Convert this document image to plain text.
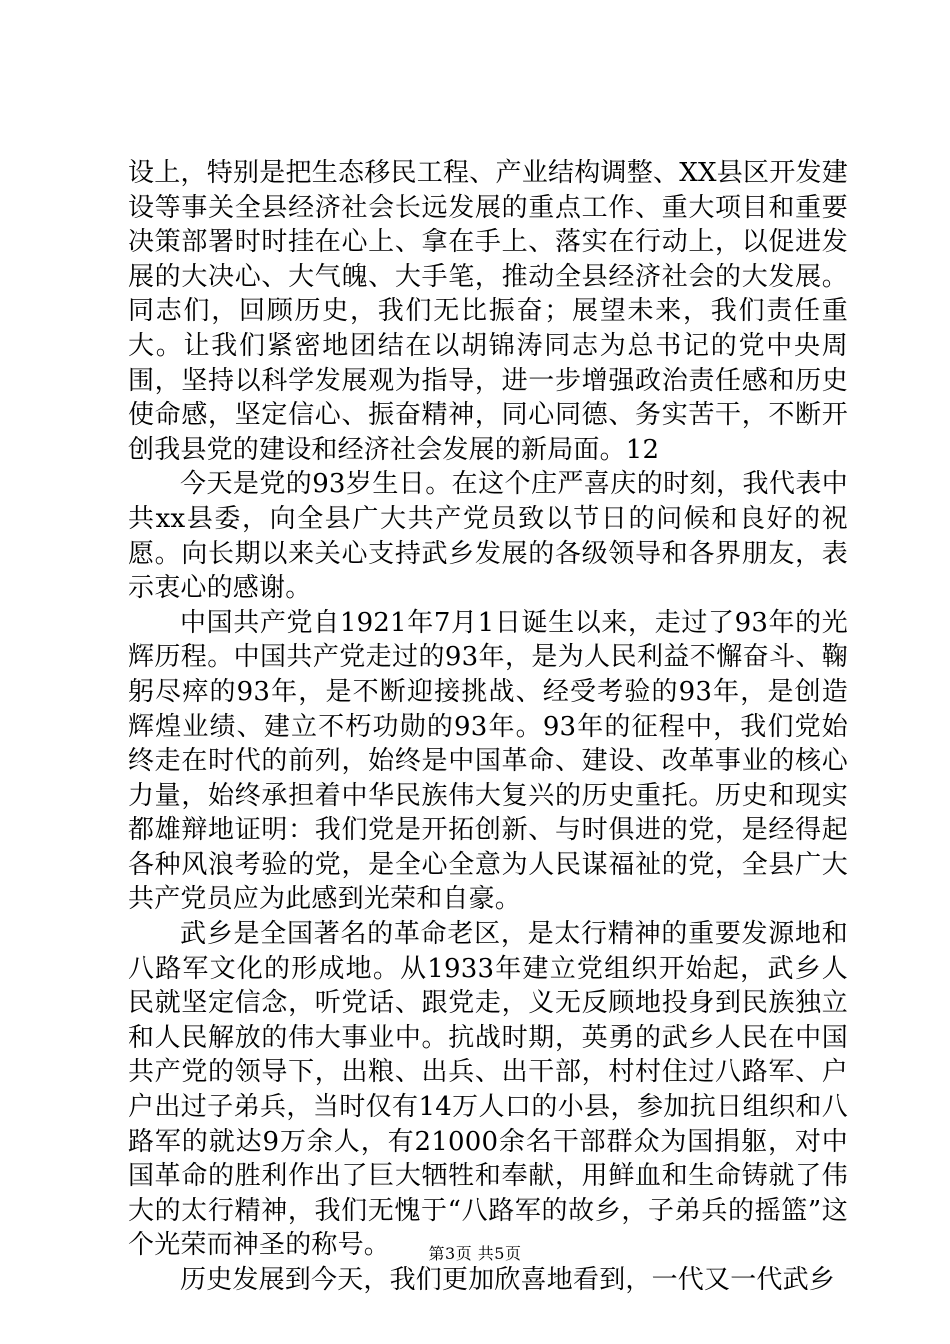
设上，特别是把生态移民工程、产业结构调整、XX县区开发建设等事关全县经济社会长远发展的重点工作、重大项目和重要决策部署时时挂在心上、拿在手上、落实在行动上，以促进发展的大决心、大气魄、大手笔，推动全县经济社会的大发展。同志们，回顾历史，我们无比振奋；展望未来，我们责任重大。让我们紧密地团结在以胡锦涛同志为总书记的党中央周围，坚持以科学发展观为指导，进一步增强政治责任感和历史使命感，坚定信心、振奋精神，同心同德、务实苦干，不断开创我县党的建设和经济社会发展的新局面。12

今天是党的93岁生日。在这个庄严喜庆的时刻，我代表中共xx县委，向全县广大共产党员致以节日的问候和良好的祝愿。向长期以来关心支持武乡发展的各级领导和各界朋友，表示衷心的感谢。

中国共产党自1921年7月1日诞生以来，走过了93年的光辉历程。中国共产党走过的93年，是为人民利益不懈奋斗、鞠躬尽瘁的93年，是不断迎接挑战、经受考验的93年，是创造辉煌业绩、建立不朽功勋的93年。93年的征程中，我们党始终走在时代的前列，始终是中国革命、建设、改革事业的核心力量，始终承担着中华民族伟大复兴的历史重托。历史和现实都雄辩地证明：我们党是开拓创新、与时俱进的党，是经得起各种风浪考验的党，是全心全意为人民谋福祉的党，全县广大共产党员应为此感到光荣和自豪。

武乡是全国著名的革命老区，是太行精神的重要发源地和八路军文化的形成地。从1933年建立党组织开始起，武乡人民就坚定信念，听党话、跟党走，义无反顾地投身到民族独立和人民解放的伟大事业中。抗战时期，英勇的武乡人民在中国共产党的领导下，出粮、出兵、出干部，村村住过八路军、户户出过子弟兵，当时仅有14万人口的小县，参加抗日组织和八路军的就达9万余人，有21000余名干部群众为国捐躯，对中国革命的胜利作出了巨大牺牲和奉献，用鲜血和生命铸就了伟大的太行精神，我们无愧于“八路军的故乡，子弟兵的摇篮”这个光荣而神圣的称号。

历史发展到今天，我们更加欣喜地看到，一代又一代武乡

第3页 共5页
